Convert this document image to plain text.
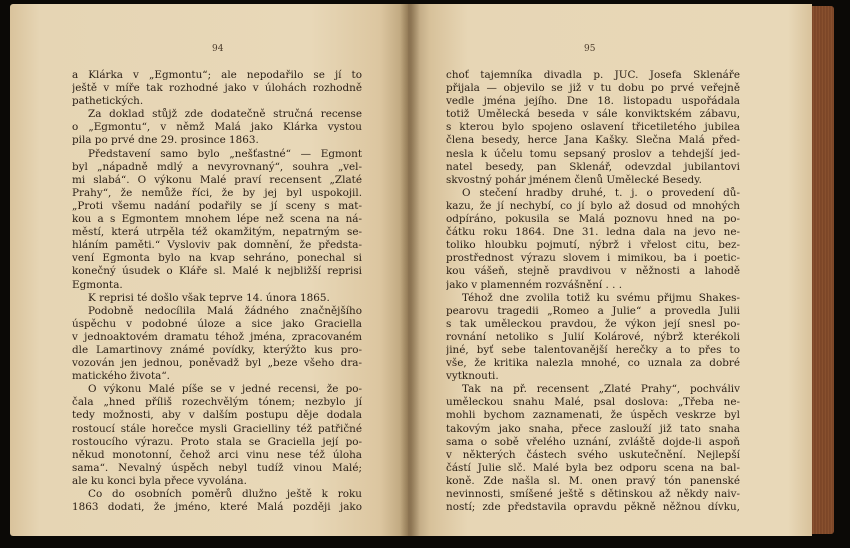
94	95
a Klárka v „Egmontu“; ale nepodařilo se jí to
ještě v míře tak rozhodné jako v úlohách rozhodně
pathetických.
Za doklad stůjž zde dodatečně stručná recense
o „Egmontu“, v němž Malá jako Klárka vystou
pila po prvé dne 29. prosince 1863.
Představení samo bylo „nešťastné“ — Egmont
byl „nápadně mdlý a nevyrovnaný“, souhra „vel-
mi slabá“. O výkonu Malé praví recensent „Zlaté
Prahy“, že nemůže říci, že by jej byl uspokojil.
„Proti všemu nadání podařily se jí sceny s mat-
kou a s Egmontem mnohem lépe než scena na ná-
městí, která utrpěla též okamžitým, nepatrným se-
hláním paměti.“ Vysloviv pak domnění, že předsta-
vení Egmonta bylo na kvap sehráno, ponechal si
konečný úsudek o Kláře sl. Malé k nejbližší reprisi
Egmonta.
K reprisi té došlo však teprve 14. února 1865.
Podobně nedocílila Malá žádného značnějšího
úspěchu v podobné úloze a sice jako Graciella
v jednoaktovém dramatu téhož jména, zpracovaném
dle Lamartinovy známé povídky, kterýžto kus pro-
vozován jen jednou, poněvadž byl „beze všeho dra-
matického života“.
O výkonu Malé píše se v jedné recensi, že po-
čala „hned příliš rozechvělým tónem; nezbylo jí
tedy možnosti, aby v dalším postupu děje dodala
rostoucí stále horečce mysli Gracielliny též patřičné
rostoucího výrazu. Proto stala se Graciella její po-
někud monotonní, čehož arci vinu nese též úloha
sama“. Nevalný úspěch nebyl tudíž vinou Malé;
ale ku konci byla přece vyvolána.
Co do osobních poměrů dlužno ještě k roku
1863 dodati, že jméno, které Malá později jako
choť tajemníka divadla p. JUC. Josefa Sklenáře
přijala — objevilo se již v tu dobu po prvé veřejně
vedle jména jejího. Dne 18. listopadu uspořádala
totiž Umělecká beseda v sále konviktském zábavu,
s kterou bylo spojeno oslavení třicetiletého jubilea
člena besedy, herce Jana Kašky. Slečna Malá před-
nesla k účelu tomu sepsaný proslov a tehdejší jed-
natel besedy, pan Sklenář, odevzdal jubilantovi
skvostný pohár jménem členů Umělecké Besedy.
O stečení hradby druhé, t. j. o provedení dů-
kazu, že jí nechybí, co jí bylo až dosud od mnohých
odpíráno, pokusila se Malá poznovu hned na po-
čátku roku 1864. Dne 31. ledna dala na jevo ne-
toliko hloubku pojmutí, nýbrž i vřelost citu, bez-
prostřednost výrazu slovem i mimikou, ba i poetic-
kou vášeň, stejně pravdivou v něžnosti a lahodě
jako v plamenném rozvášnění . . .
Téhož dne zvolila totiž ku svému přijmu Shakes-
pearovu tragedii „Romeo a Julie“ a provedla Julii
s tak uměleckou pravdou, že výkon její snesl po-
rovnání netoliko s Julií Kolárové, nýbrž kterékoli
jiné, byť sebe talentovanější herečky a to přes to
vše, že kritika nalezla mnohé, co uznala za dobré
vytknouti.
Tak na př. recensent „Zlaté Prahy“, pochváliv
uměleckou snahu Malé, psal doslova: „Třeba ne-
mohli bychom zaznamenati, že úspěch veskrze byl
takovým jako snaha, přece zaslouží již tato snaha
sama o sobě vřelého uznání, zvláště dojde-li aspoň
v některých částech svého uskutečnění. Nejlepší
částí Julie slč. Malé byla bez odporu scena na bal-
koně. Zde našla sl. M. onen pravý tón panenské
nevinnosti, smíšené ještě s dětinskou až někdy naiv-
ností; zde představila opravdu pěkně něžnou dívku,
